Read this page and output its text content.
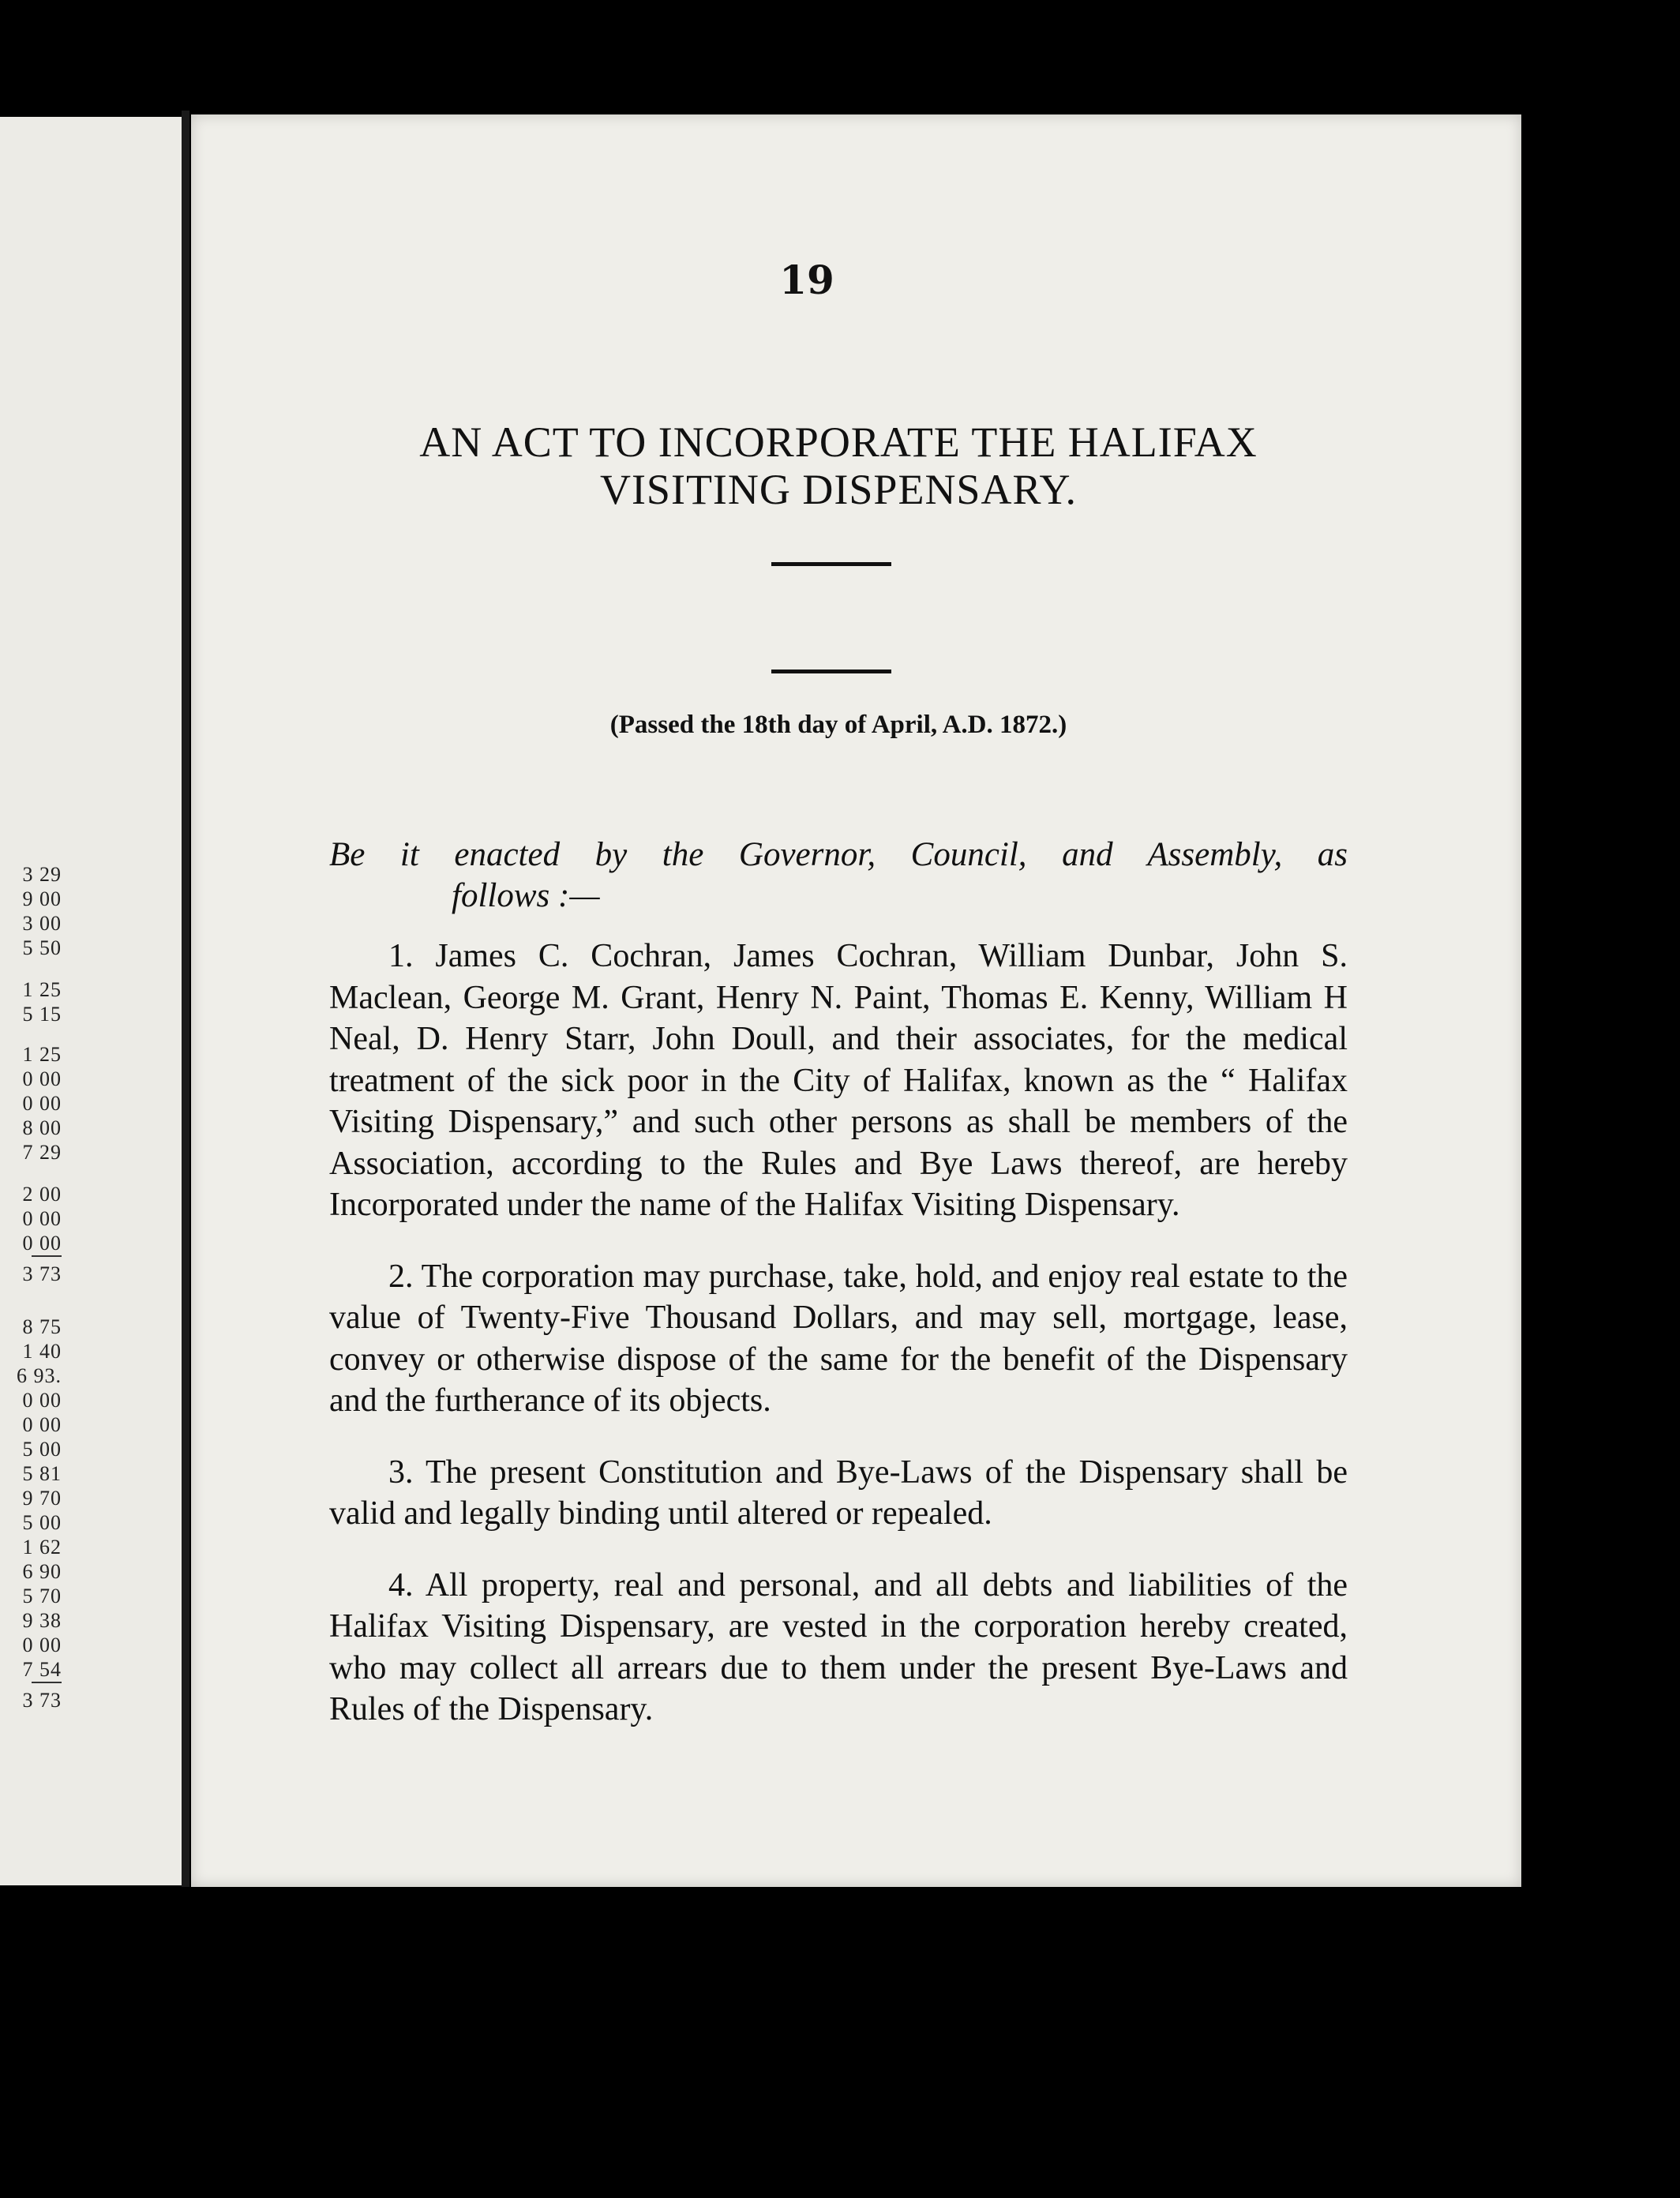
3 29
9 00
3 00
5 50
1 25
5 15
1 25
0 00
0 00
8 00
7 29
2 00
0 00
0 00
3 73
8 75
1 40
6 93.
0 00
0 00
5 00
5 81
9 70
5 00
1 62
6 90
5 70
9 38
0 00
7 54
3 73
19
AN ACT TO INCORPORATE THE HALIFAX
VISITING DISPENSARY.
(Passed the 18th day of April, A.D. 1872.)
Be it enacted by the Governor, Council, and Assembly, as
follows :—

1. James C. Cochran, James Cochran, William Dunbar, John S. Maclean, George M. Grant, Henry N. Paint, Thomas E. Kenny, William H Neal, D. Henry Starr, John Doull, and their associates, for the medical treatment of the sick poor in the City of Halifax, known as the “ Halifax Visiting Dispensary,” and such other persons as shall be members of the Association, according to the Rules and Bye Laws thereof, are hereby Incorporated under the name of the Halifax Visiting Dispensary.

2. The corporation may purchase, take, hold, and enjoy real estate to the value of Twenty-Five Thousand Dollars, and may sell, mortgage, lease, convey or otherwise dispose of the same for the benefit of the Dispensary and the furtherance of its objects.

3. The present Constitution and Bye-Laws of the Dispensary shall be valid and legally binding until altered or repealed.

4. All property, real and personal, and all debts and liabilities of the Halifax Visiting Dispensary, are vested in the corporation hereby created, who may collect all arrears due to them under the present Bye-Laws and Rules of the Dispensary.
